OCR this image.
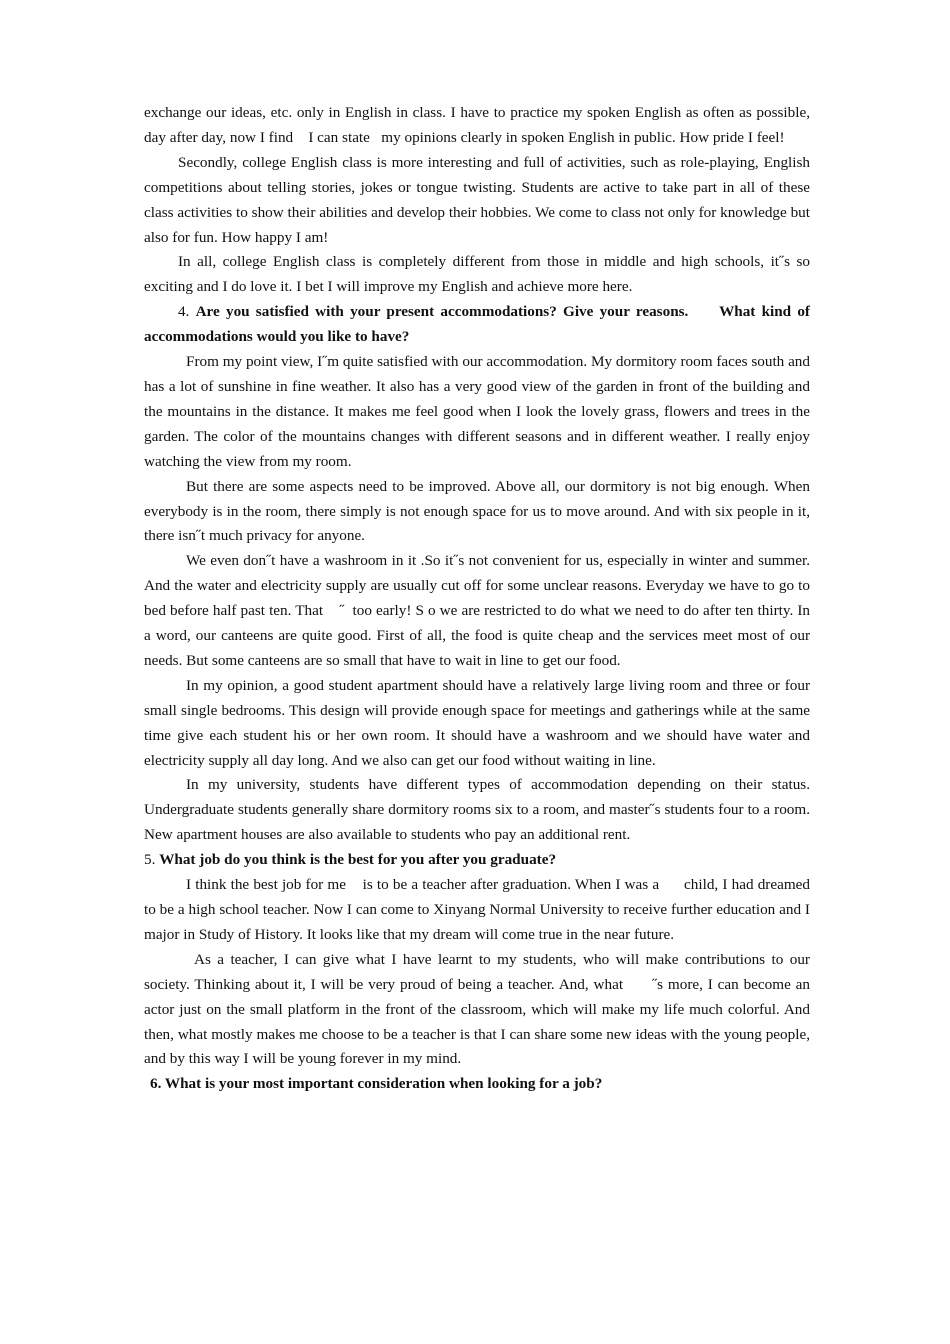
exchange our ideas, etc. only in English in class. I have to practice my spoken English as often as possible, day after day, now I find    I can state   my opinions clearly in spoken English in public. How pride I feel!

Secondly, college English class is more interesting and full of activities, such as role-playing, English competitions about telling stories, jokes or tongue twisting. Students are active to take part in all of these class activities to show their abilities and develop their hobbies. We come to class not only for knowledge but also for fun. How happy I am!

In all, college English class is completely different from those in middle and high schools, it˝s so exciting and I do love it. I bet I will improve my English and achieve more here.

4. Are you satisfied with your present accommodations? Give your reasons.     What kind of accommodations would you like to have?

From my point view, I˝m quite satisfied with our accommodation. My dormitory room faces south and has a lot of sunshine in fine weather. It also has a very good view of the garden in front of the building and the mountains in the distance. It makes me feel good when I look the lovely grass, flowers and trees in the garden. The color of the mountains changes with different seasons and in different weather. I really enjoy watching the view from my room.

But there are some aspects need to be improved. Above all, our dormitory is not big enough. When everybody is in the room, there simply is not enough space for us to move around. And with six people in it, there isn˝t much privacy for anyone.

We even don˝t have a washroom in it .So it˝s not convenient for us, especially in winter and summer. And the water and electricity supply are usually cut off for some unclear reasons. Everyday we have to go to bed before half past ten. That    ˝  too early! S o we are restricted to do what we need to do after ten thirty. In a word, our canteens are quite good. First of all, the food is quite cheap and the services meet most of our needs. But some canteens are so small that have to wait in line to get our food.

In my opinion, a good student apartment should have a relatively large living room and three or four small single bedrooms. This design will provide enough space for meetings and gatherings while at the same time give each student his or her own room. It should have a washroom and we should have water and electricity supply all day long. And we also can get our food without waiting in line.

In my university, students have different types of accommodation depending on their status. Undergraduate students generally share dormitory rooms six to a room, and master˝s students four to a room. New apartment houses are also available to students who pay an additional rent.

5. What job do you think is the best for you after you graduate?

I think the best job for me    is to be a teacher after graduation. When I was a      child, I had dreamed to be a high school teacher. Now I can come to Xinyang Normal University to receive further education and I major in Study of History. It looks like that my dream will come true in the near future.

As a teacher, I can give what I have learnt to my students, who will make contributions to our society. Thinking about it, I will be very proud of being a teacher. And, what      ˝s more, I can become an actor just on the small platform in the front of the classroom, which will make my life much colorful. And then, what mostly makes me choose to be a teacher is that I can share some new ideas with the young people, and by this way I will be young forever in my mind.

6. What is your most important consideration when looking for a job?
